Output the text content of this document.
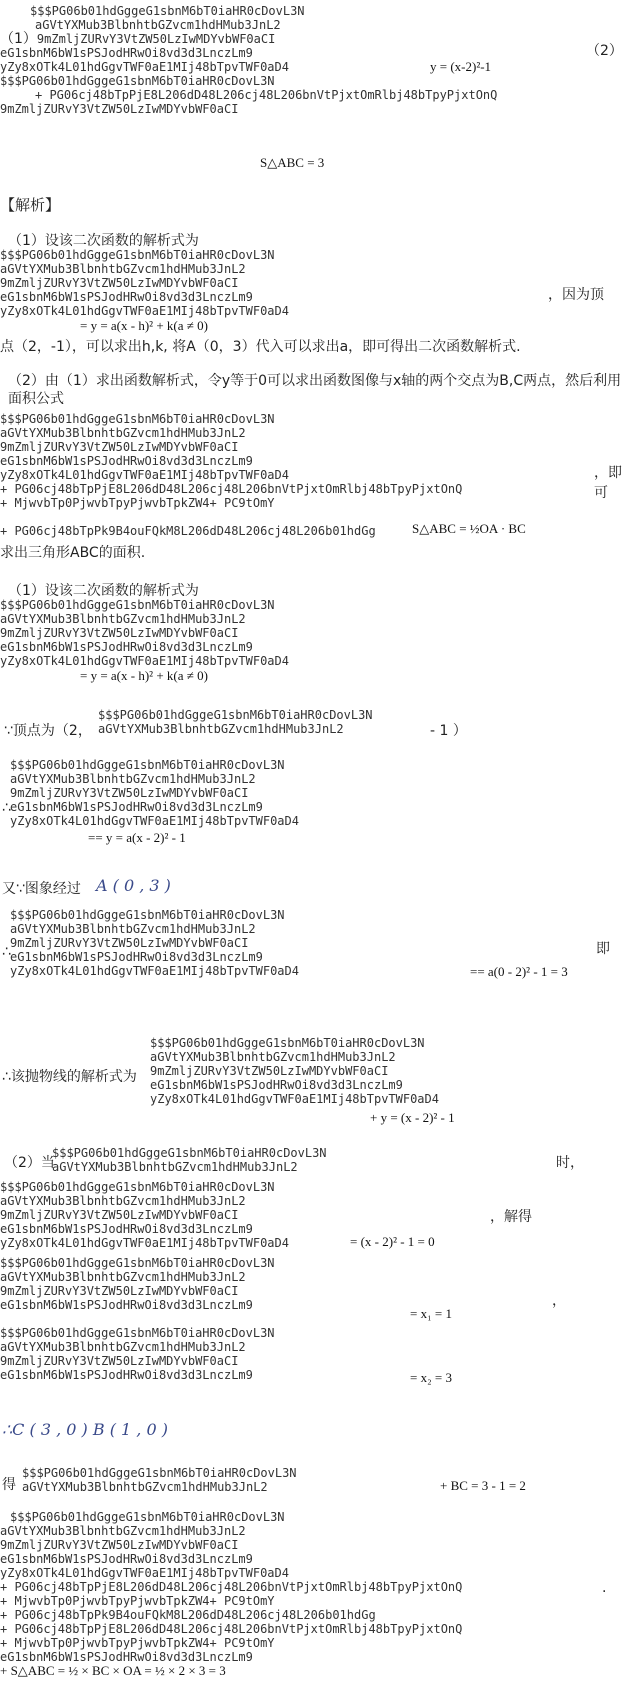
$$$PG06b01hdGggeG1sbnM6bT0iaHR0cDovL3N
aGVtYXMub3BlbnhtbGZvcm1hdHMub3JnL2
（1）9mZmljZURvY3VtZW50LzIwMDYvbWF0aCI
eG1sbnM6bW1sPSJodHRwOi8vd3d3LnczLm9
yZy8xOTk4L01hdGgvTWF0aE1MIj48bTpvTWF0aD4	y = (x-2)²-1
$$$PG06b01hdGggeG1sbnM6bT0iaHR0cDovL3N
+ PG06cj48bTpPjE8L206dD48L206cj48L206bnVtPjxtOmRlbj48bTpyPjxtOnQ
9mZmljZURvY3VtZW50LzIwMDYvbWF0aCI
（2）
S△ABC = 3
【解析】
（1）设该二次函数的解析式为
$$$PG06b01hdGggeG1sbnM6bT0iaHR0cDovL3N
aGVtYXMub3BlbnhtbGZvcm1hdHMub3JnL2
9mZmljZURvY3VtZW50LzIwMDYvbWF0aCI
eG1sbnM6bW1sPSJodHRwOi8vd3d3LnczLm9
yZy8xOTk4L01hdGgvTWF0aE1MIj48bTpvTWF0aD4
，因为顶
= y = a(x - h)² + k(a ≠ 0)
点（2，-1），可以求出h,k, 将A（0，3）代入可以求出a，即可得出二次函数解析式.
（2）由（1）求出函数解析式，令y等于0可以求出函数图像与x轴的两个交点为B,C两点，然后利用面积公式
$$$PG06b01hdGggeG1sbnM6bT0iaHR0cDovL3N
aGVtYXMub3BlbnhtbGZvcm1hdHMub3JnL2
9mZmljZURvY3VtZW50LzIwMDYvbWF0aCI
eG1sbnM6bW1sPSJodHRwOi8vd3d3LnczLm9
yZy8xOTk4L01hdGgvTWF0aE1MIj48bTpvTWF0aD4
+ PG06cj48bTpPjE8L206dD48L206cj48L206bnVtPjxtOmRlbj48bTpyPjxtOnQ
+ MjwvbTp0PjwvbTpyPjwvbTpkZW4+ PC9tOmY
，即可
+ PG06cj48bTpPk9B4ouFQkM8L206dD48L206cj48L206b01hdGg	S△ABC = ½OA · BC
求出三角形ABC的面积.
（1）设该二次函数的解析式为
$$$PG06b01hdGggeG1sbnM6bT0iaHR0cDovL3N
aGVtYXMub3BlbnhtbGZvcm1hdHMub3JnL2
9mZmljZURvY3VtZW50LzIwMDYvbWF0aCI
eG1sbnM6bW1sPSJodHRwOi8vd3d3LnczLm9
yZy8xOTk4L01hdGgvTWF0aE1MIj48bTpvTWF0aD4
= y = a(x - h)² + k(a ≠ 0)
∵顶点为（2，
$$$PG06b01hdGggeG1sbnM6bT0iaHR0cDovL3N
aGVtYXMub3BlbnhtbGZvcm1hdHMub3JnL2	- 1 ）
$$$PG06b01hdGggeG1sbnM6bT0iaHR0cDovL3N
aGVtYXMub3BlbnhtbGZvcm1hdHMub3JnL2
9mZmljZURvY3VtZW50LzIwMDYvbWF0aCI
eG1sbnM6bW1sPSJodHRwOi8vd3d3LnczLm9
yZy8xOTk4L01hdGgvTWF0aE1MIj48bTpvTWF0aD4
∴
== y = a(x - 2)² - 1
又∵图象经过 A ( 0 , 3 )
$$$PG06b01hdGggeG1sbnM6bT0iaHR0cDovL3N
aGVtYXMub3BlbnhtbGZvcm1hdHMub3JnL2
9mZmljZURvY3VtZW50LzIwMDYvbWF0aCI
eG1sbnM6bW1sPSJodHRwOi8vd3d3LnczLm9
yZy8xOTk4L01hdGgvTWF0aE1MIj48bTpvTWF0aD4
∴	即
== a(0 - 2)² - 1 = 3
$$$PG06b01hdGggeG1sbnM6bT0iaHR0cDovL3N
aGVtYXMub3BlbnhtbGZvcm1hdHMub3JnL2
9mZmljZURvY3VtZW50LzIwMDYvbWF0aCI
eG1sbnM6bW1sPSJodHRwOi8vd3d3LnczLm9
yZy8xOTk4L01hdGgvTWF0aE1MIj48bTpvTWF0aD4
∴该抛物线的解析式为
+ y = (x - 2)² - 1
（2）当
$$$PG06b01hdGggeG1sbnM6bT0iaHR0cDovL3N
aGVtYXMub3BlbnhtbGZvcm1hdHMub3JnL2	时，
$$$PG06b01hdGggeG1sbnM6bT0iaHR0cDovL3N
aGVtYXMub3BlbnhtbGZvcm1hdHMub3JnL2
9mZmljZURvY3VtZW50LzIwMDYvbWF0aCI
eG1sbnM6bW1sPSJodHRwOi8vd3d3LnczLm9
yZy8xOTk4L01hdGgvTWF0aE1MIj48bTpvTWF0aD4
，解得
= (x - 2)² - 1 = 0
$$$PG06b01hdGggeG1sbnM6bT0iaHR0cDovL3N
aGVtYXMub3BlbnhtbGZvcm1hdHMub3JnL2
9mZmljZURvY3VtZW50LzIwMDYvbWF0aCI
eG1sbnM6bW1sPSJodHRwOi8vd3d3LnczLm9
= x₁ = 1
，
$$$PG06b01hdGggeG1sbnM6bT0iaHR0cDovL3N
aGVtYXMub3BlbnhtbGZvcm1hdHMub3JnL2
9mZmljZURvY3VtZW50LzIwMDYvbWF0aCI
eG1sbnM6bW1sPSJodHRwOi8vd3d3LnczLm9	= x₂ = 3
∴C ( 3 , 0 ) B ( 1 , 0 )
得
$$$PG06b01hdGggeG1sbnM6bT0iaHR0cDovL3N
aGVtYXMub3BlbnhtbGZvcm1hdHMub3JnL2	+ BC = 3 - 1 = 2
$$$PG06b01hdGggeG1sbnM6bT0iaHR0cDovL3N
aGVtYXMub3BlbnhtbGZvcm1hdHMub3JnL2
9mZmljZURvY3VtZW50LzIwMDYvbWF0aCI
eG1sbnM6bW1sPSJodHRwOi8vd3d3LnczLm9
yZy8xOTk4L01hdGgvTWF0aE1MIj48bTpvTWF0aD4
+ PG06cj48bTpPjE8L206dD48L206cj48L206bnVtPjxtOmRlbj48bTpyPjxtOnQ
+ MjwvbTp0PjwvbTpyPjwvbTpkZW4+ PC9tOmY
+ PG06cj48bTpPk9B4ouFQkM8L206dD48L206cj48L206b01hdGg
+ PG06cj48bTpPjE8L206dD48L206cj48L206bnVtPjxtOmRlbj48bTpyPjxtOnQ
+ MjwvbTp0PjwvbTpyPjwvbTpkZW4+ PC9tOmY
eG1sbnM6bW1sPSJodHRwOi8vd3d3LnczLm9
+ S△ABC = ½ × BC × OA = ½ × 2 × 3 = 3
.
